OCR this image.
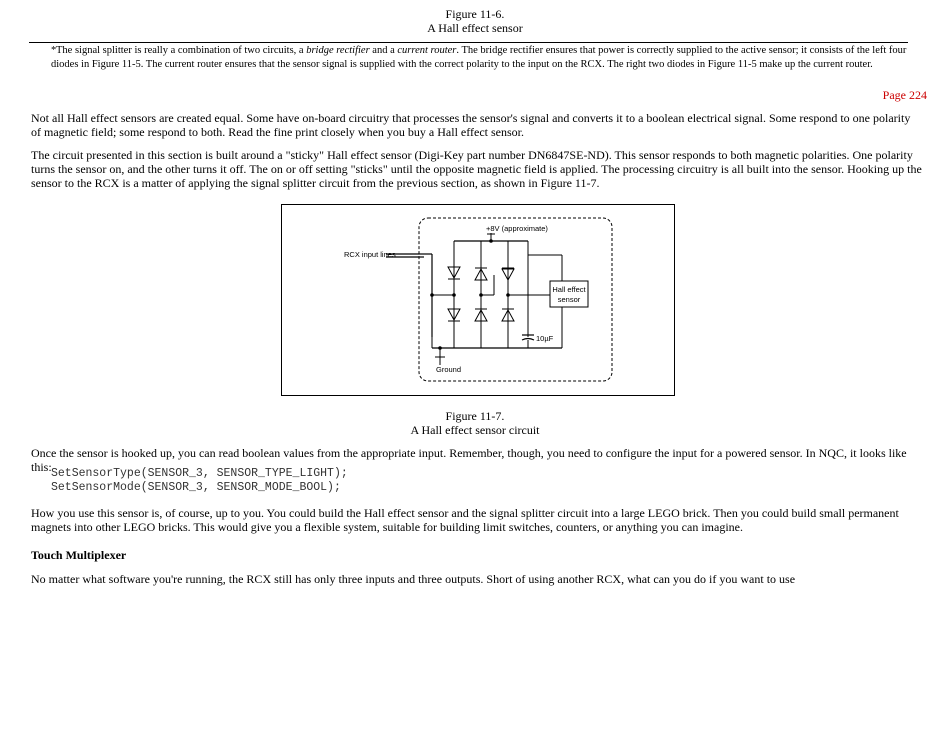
Figure 11-6.
A Hall effect sensor
*The signal splitter is really a combination of two circuits, a bridge rectifier and a current router. The bridge rectifier ensures that power is correctly supplied to the active sensor; it consists of the left four diodes in Figure 11-5. The current router ensures that the sensor signal is supplied with the correct polarity to the input on the RCX. The right two diodes in Figure 11-5 make up the current router.
Page 224
Not all Hall effect sensors are created equal. Some have on-board circuitry that processes the sensor's signal and converts it to a boolean electrical signal. Some respond to one polarity of magnetic field; some respond to both. Read the fine print closely when you buy a Hall effect sensor.
The circuit presented in this section is built around a "sticky" Hall effect sensor (Digi-Key part number DN6847SE-ND). This sensor responds to both magnetic polarities. One polarity turns the sensor on, and the other turns it off. The on or off setting "sticks" until the opposite magnetic field is applied. The processing circuitry is all built into the sensor. Hooking up the sensor to the RCX is a matter of applying the signal splitter circuit from the previous section, as shown in Figure 11-7.
+8V (approximate)
RCX input lines
Hall effect
sensor
10µF
Ground
Figure 11-7.
A Hall effect sensor circuit
Once the sensor is hooked up, you can read boolean values from the appropriate input. Remember, though, you need to configure the input for a powered sensor. In NQC, it looks like this: SetSensorType(SENSOR_3, SENSOR_TYPE_LIGHT);
SetSensorMode(SENSOR_3, SENSOR_MODE_BOOL);
How you use this sensor is, of course, up to you. You could build the Hall effect sensor and the signal splitter circuit into a large LEGO brick. Then you could build small permanent magnets into other LEGO bricks. This would give you a flexible system, suitable for building limit switches, counters, or anything you can imagine.
Touch Multiplexer
No matter what software you're running, the RCX still has only three inputs and three outputs. Short of using another RCX, what can you do if you want to use
